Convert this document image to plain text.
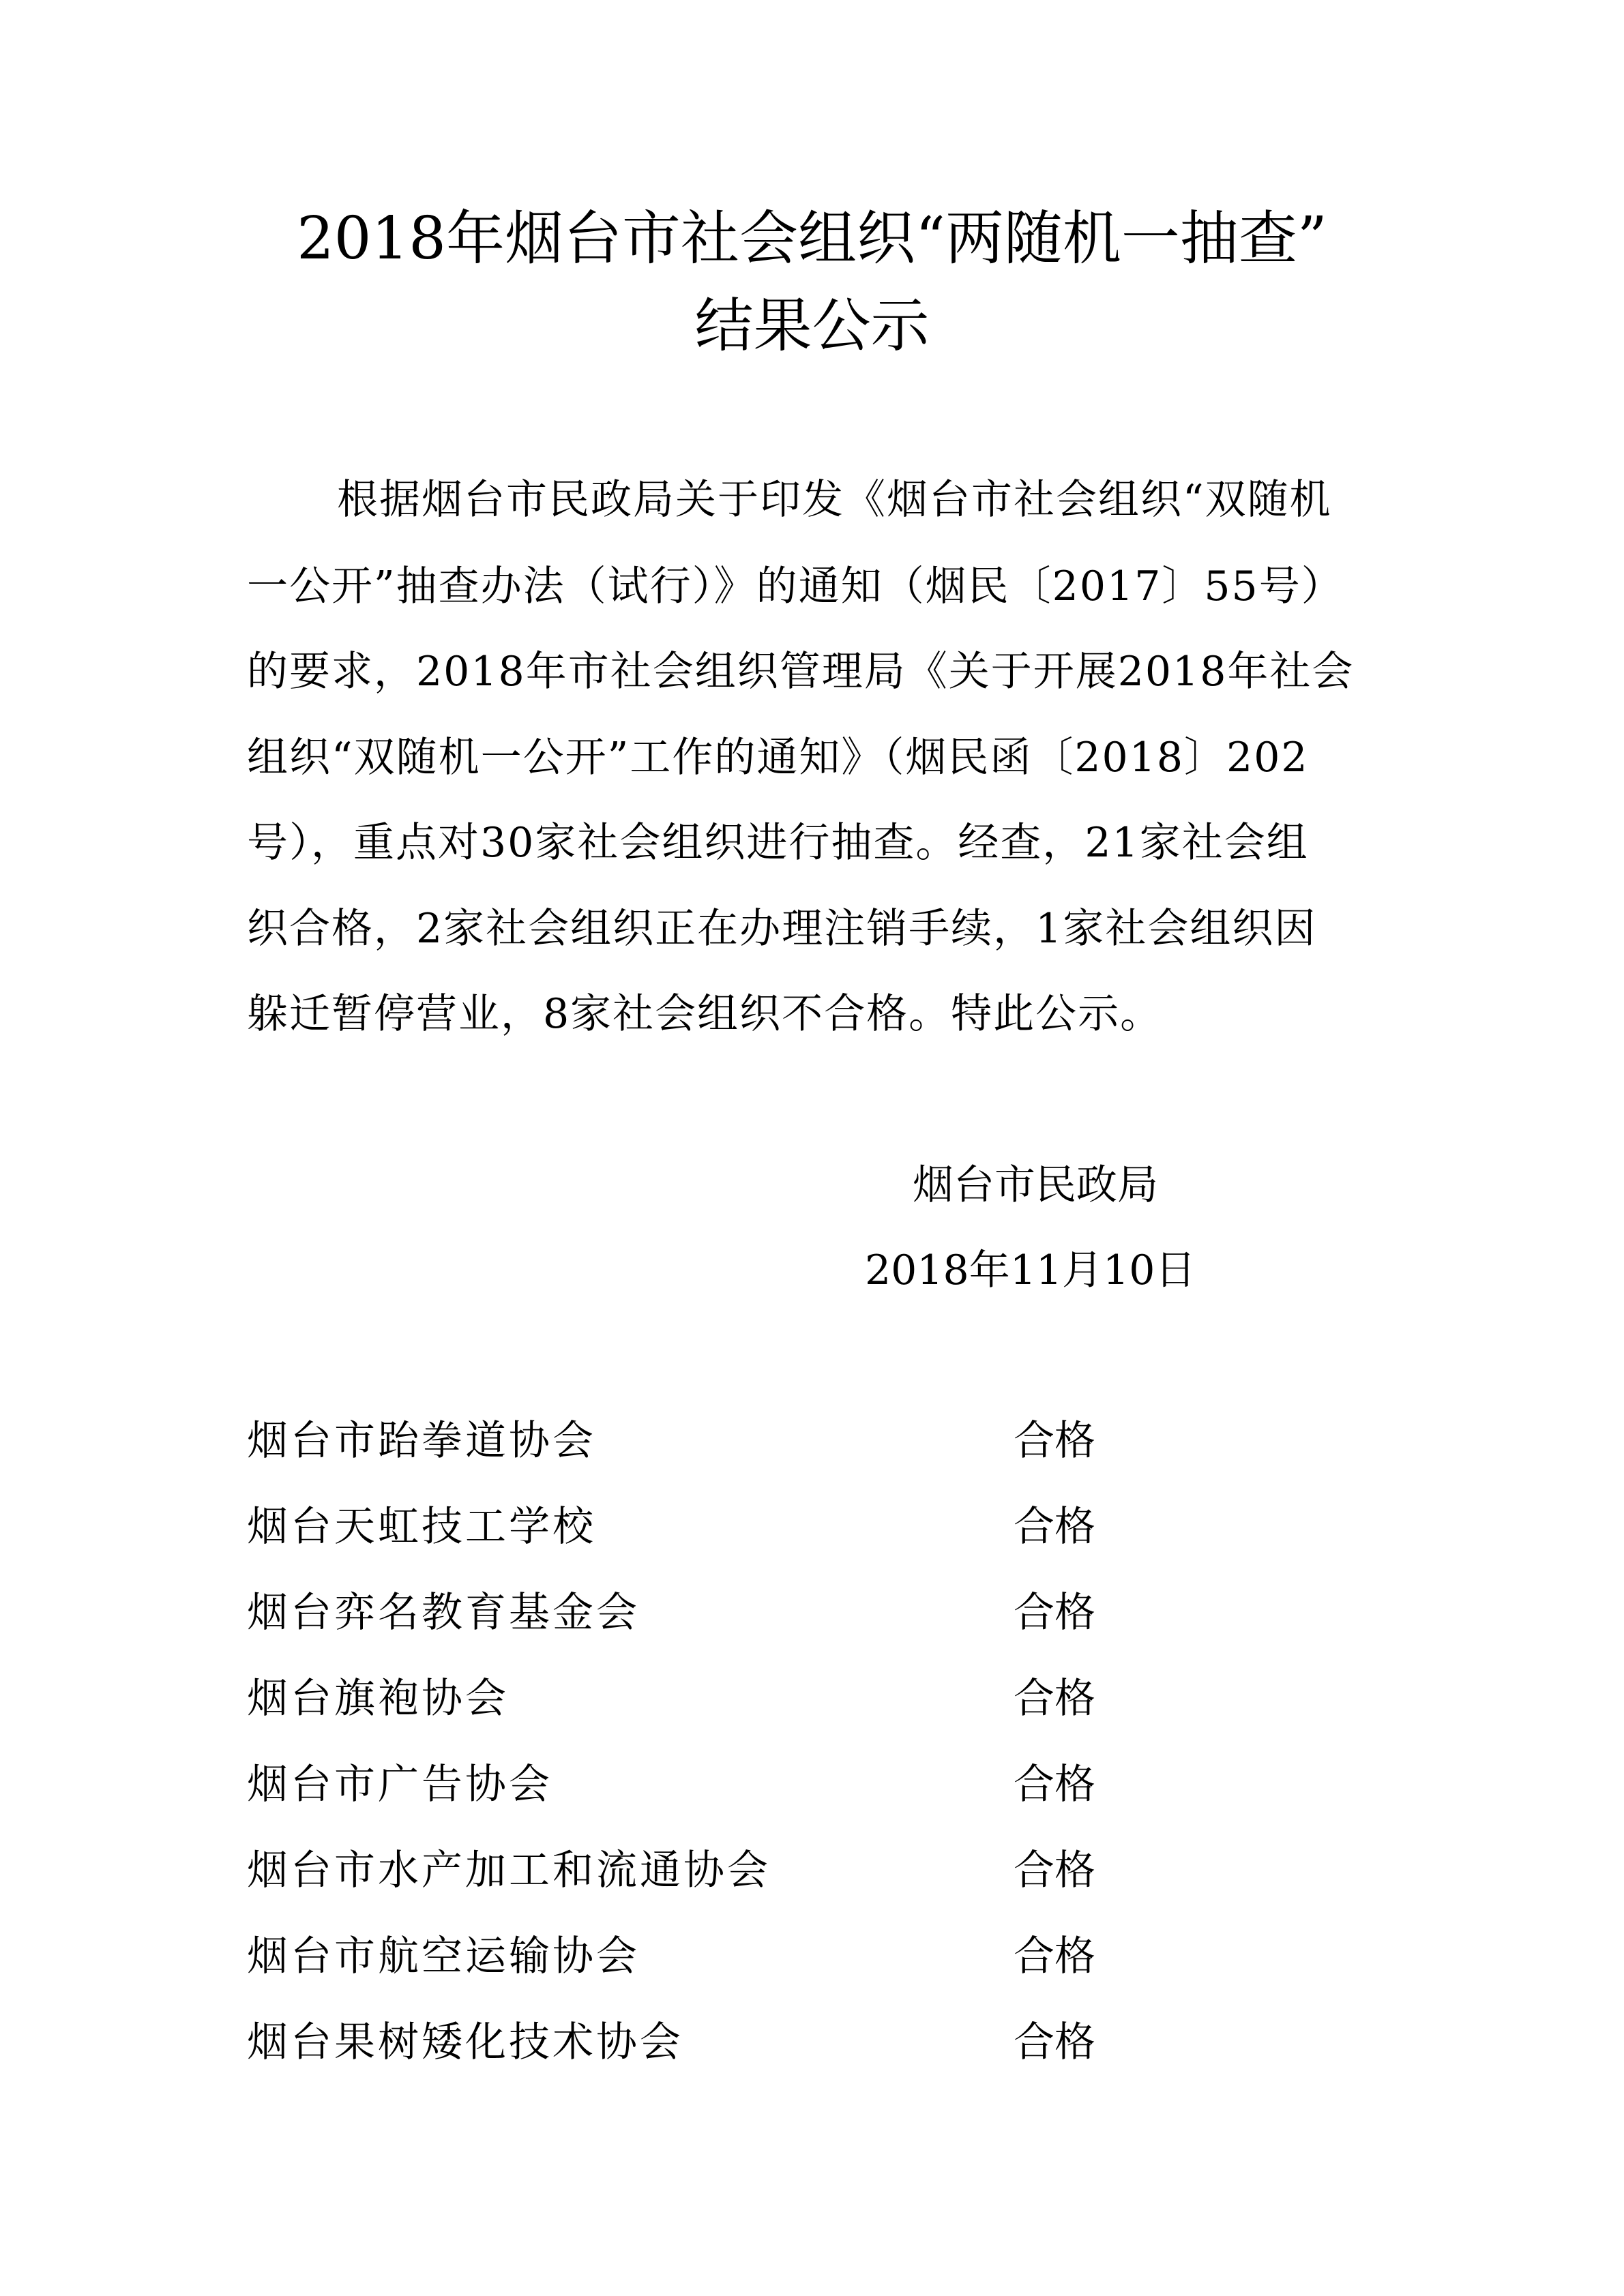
2018年烟台市社会组织“两随机一抽查”
结果公示
根据烟台市民政局关于印发《烟台市社会组织“双随机
一公开”抽查办法（试行）》的通知（烟民〔2017〕55号）
的要求，2018年市社会组织管理局《关于开展2018年社会
组织“双随机一公开”工作的通知》（烟民函〔2018〕202
号），重点对30家社会组织进行抽查。经查，21家社会组
织合格，2家社会组织正在办理注销手续，1家社会组织因
躲迁暂停营业，8家社会组织不合格。特此公示。
烟台市民政局
2018年11月10日
烟台市跆拳道协会	合格
烟台天虹技工学校	合格
烟台弈名教育基金会	合格
烟台旗袍协会	合格
烟台市广告协会	合格
烟台市水产加工和流通协会	合格
烟台市航空运输协会	合格
烟台果树矮化技术协会	合格
